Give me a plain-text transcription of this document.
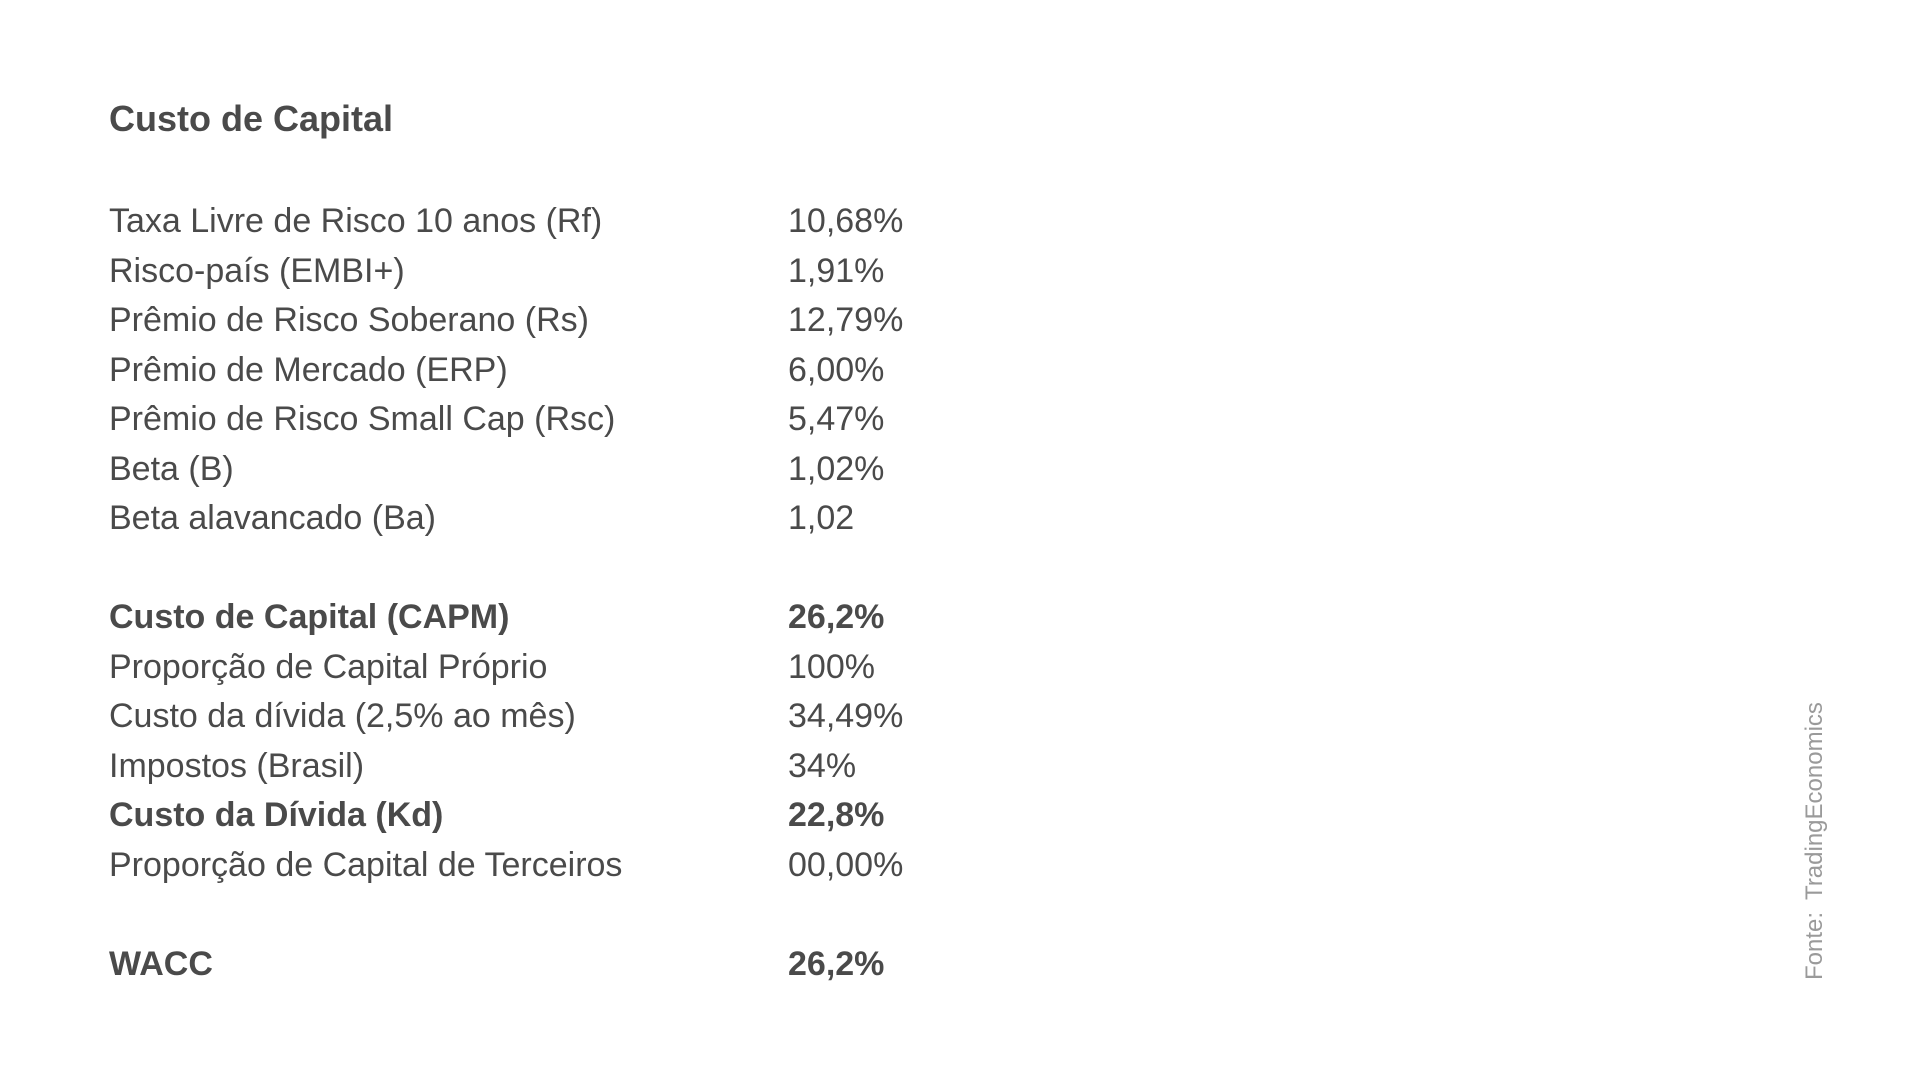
Custo de Capital
Taxa Livre de Risco 10 anos (Rf)	10,68%
Risco-país (EMBI+)	1,91%
Prêmio de Risco Soberano (Rs)	12,79%
Prêmio de Mercado (ERP)	6,00%
Prêmio de Risco Small Cap (Rsc)	5,47%
Beta (B)	1,02%
Beta alavancado (Ba)	1,02
Custo de Capital (CAPM)	26,2%
Proporção de Capital Próprio	100%
Custo da dívida (2,5% ao mês)	34,49%
Impostos (Brasil)	34%
Custo da Dívida (Kd)	22,8%
Proporção de Capital de Terceiros	00,00%
WACC	26,2%	Fonte:TradingEconomics
